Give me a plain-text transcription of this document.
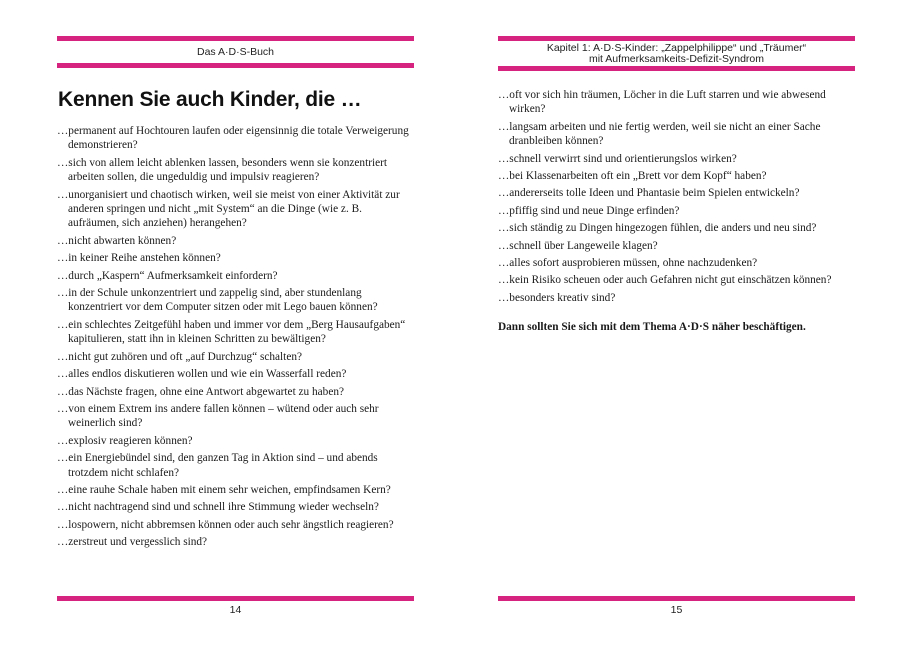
Das A·D·S-Buch
Kennen Sie auch Kinder, die …
…permanent auf Hochtouren laufen oder eigensinnig die totale Verweigerung demonstrieren?
…sich von allem leicht ablenken lassen, besonders wenn sie konzentriert arbeiten sollen, die ungeduldig und impulsiv reagieren?
…unorganisiert und chaotisch wirken, weil sie meist von einer Aktivität zur anderen springen und nicht „mit System“ an die Dinge (wie z. B. aufräumen, sich anziehen) herangehen?
…nicht abwarten können?
…in keiner Reihe anstehen können?
…durch „Kaspern“ Aufmerksamkeit einfordern?
…in der Schule unkonzentriert und zappelig sind, aber stundenlang konzentriert vor dem Computer sitzen oder mit Lego bauen können?
…ein schlechtes Zeitgefühl haben und immer vor dem „Berg Hausaufgaben“ kapitulieren, statt ihn in kleinen Schritten zu bewältigen?
…nicht gut zuhören und oft „auf Durchzug“ schalten?
…alles endlos diskutieren wollen und wie ein Wasserfall reden?
…das Nächste fragen, ohne eine Antwort abgewartet zu haben?
…von einem Extrem ins andere fallen können – wütend oder auch sehr weinerlich sind?
…explosiv reagieren können?
…ein Energiebündel sind, den ganzen Tag in Aktion sind – und abends trotzdem nicht schlafen?
…eine rauhe Schale haben mit einem sehr weichen, empfindsamen Kern?
…nicht nachtragend sind und schnell ihre Stimmung wieder wechseln?
…lospowern, nicht abbremsen können oder auch sehr ängstlich reagieren?
…zerstreut und vergesslich sind?
14
Kapitel 1: A·D·S-Kinder: „Zappelphilippe“ und „Träumer“
mit Aufmerksamkeits-Defizit-Syndrom
…oft vor sich hin träumen, Löcher in die Luft starren und wie abwesend wirken?
…langsam arbeiten und nie fertig werden, weil sie nicht an einer Sache dranbleiben können?
…schnell verwirrt sind und orientierungslos wirken?
…bei Klassenarbeiten oft ein „Brett vor dem Kopf“ haben?
…andererseits tolle Ideen und Phantasie beim Spielen entwickeln?
…pfiffig sind und neue Dinge erfinden?
…sich ständig zu Dingen hingezogen fühlen, die anders und neu sind?
…schnell über Langeweile klagen?
…alles sofort ausprobieren müssen, ohne nachzudenken?
…kein Risiko scheuen oder auch Gefahren nicht gut einschätzen können?
…besonders kreativ sind?

Dann sollten Sie sich mit dem Thema A·D·S näher beschäftigen.

15
